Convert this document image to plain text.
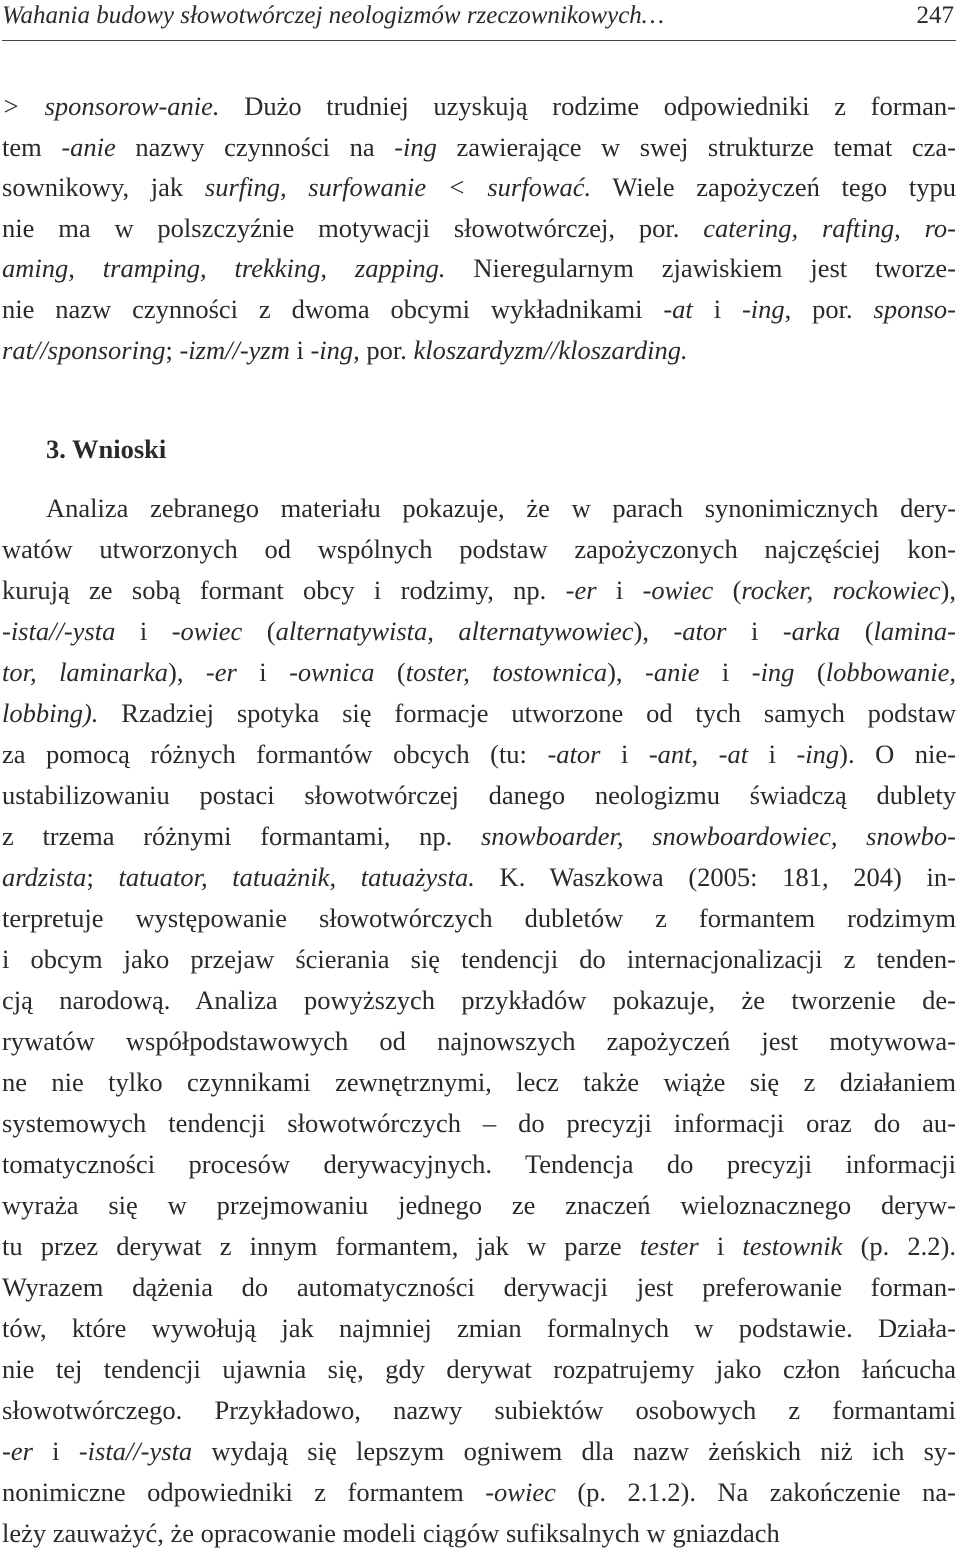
Wahania budowy słowotwórczej neologizmów rzeczownikowych…	247
> sponsorow-anie. Dużo trudniej uzyskują rodzime odpowiedniki z forman-
tem -anie nazwy czynności na -ing zawierające w swej strukturze temat cza-
sownikowy, jak surfing, surfowanie < surfować. Wiele zapożyczeń tego typu
nie ma w polszczyźnie motywacji słowotwórczej, por. catering, rafting, ro-
aming, tramping, trekking, zapping. Nieregularnym zjawiskiem jest tworze-
nie nazw czynności z dwoma obcymi wykładnikami -at i -ing, por. sponso-
rat//sponsoring; -izm//-yzm i -ing, por. kloszardyzm//kloszarding.
3. Wnioski
Analiza zebranego materiału pokazuje, że w parach synonimicznych dery-
watów utworzonych od wspólnych podstaw zapożyczonych najczęściej kon-
kurują ze sobą formant obcy i rodzimy, np. -er i -owiec (rocker, rockowiec),
-ista//-ysta i -owiec (alternatywista, alternatywowiec), -ator i -arka (lamina-
tor, laminarka), -er i -ownica (toster, tostownica), -anie i -ing (lobbowanie,
lobbing). Rzadziej spotyka się formacje utworzone od tych samych podstaw
za pomocą różnych formantów obcych (tu: -ator i -ant, -at i -ing). O nie-
ustabilizowaniu postaci słowotwórczej danego neologizmu świadczą dublety
z trzema różnymi formantami, np. snowboarder, snowboardowiec, snowbo-
ardzista; tatuator, tatuażnik, tatuażysta. K. Waszkowa (2005: 181, 204) in-
terpretuje występowanie słowotwórczych dubletów z formantem rodzimym
i obcym jako przejaw ścierania się tendencji do internacjonalizacji z tenden-
cją narodową. Analiza powyższych przykładów pokazuje, że tworzenie de-
rywatów współpodstawowych od najnowszych zapożyczeń jest motywowa-
ne nie tylko czynnikami zewnętrznymi, lecz także wiąże się z działaniem
systemowych tendencji słowotwórczych – do precyzji informacji oraz do au-
tomatyczności procesów derywacyjnych. Tendencja do precyzji informacji
wyraża się w przejmowaniu jednego ze znaczeń wieloznacznego deryw-
tu przez derywat z innym formantem, jak w parze tester i testownik (p. 2.2).
Wyrazem dążenia do automatyczności derywacji jest preferowanie forman-
tów, które wywołują jak najmniej zmian formalnych w podstawie. Działa-
nie tej tendencji ujawnia się, gdy derywat rozpatrujemy jako człon łańcucha
słowotwórczego. Przykładowo, nazwy subiektów osobowych z formantami
-er i -ista//-ysta wydają się lepszym ogniwem dla nazw żeńskich niż ich sy-
nonimiczne odpowiedniki z formantem -owiec (p. 2.1.2). Na zakończenie na-
leży zauważyć, że opracowanie modeli ciągów sufiksalnych w gniazdach
